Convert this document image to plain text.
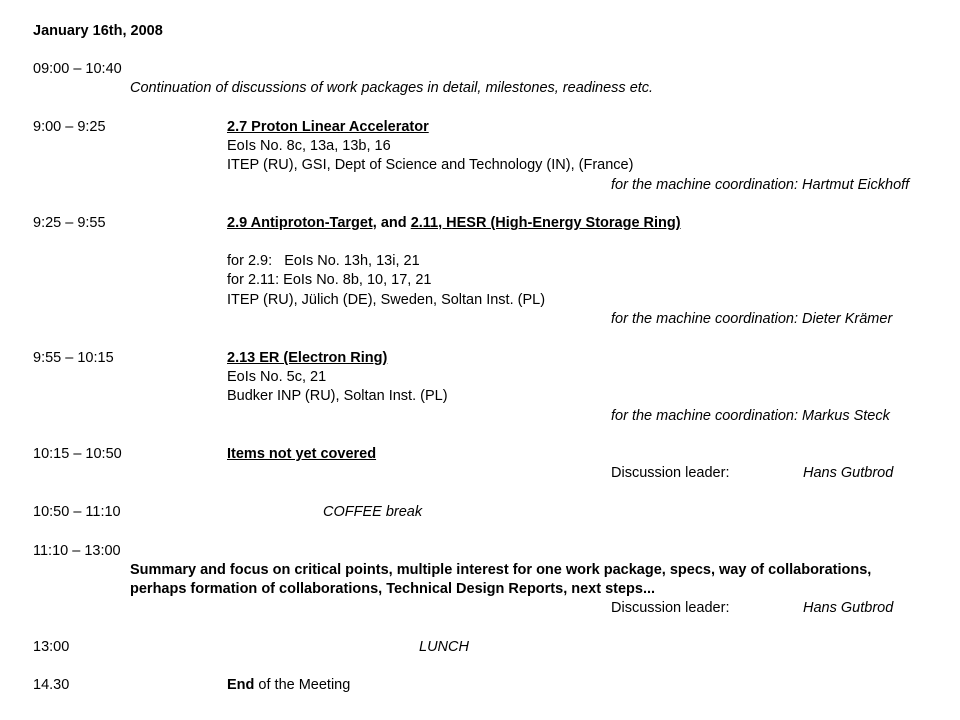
January 16th, 2008
09:00 – 10:40
Continuation of discussions of work packages in detail, milestones, readiness etc.
9:00 – 9:25	2.7 Proton Linear Accelerator
EoIs No. 8c, 13a, 13b, 16
ITEP (RU), GSI, Dept of Science and Technology (IN), (France)
for the machine coordination: Hartmut Eickhoff
9:25 – 9:55	2.9 Antiproton-Target, and 2.11, HESR (High-Energy Storage Ring)
for 2.9:   EoIs No. 13h, 13i, 21
for 2.11: EoIs No. 8b, 10, 17, 21
ITEP (RU), Jülich (DE), Sweden, Soltan Inst. (PL)
for the machine coordination: Dieter Krämer
9:55 – 10:15	2.13 ER (Electron Ring)
EoIs No. 5c, 21
Budker INP (RU), Soltan Inst. (PL)
for the machine coordination: Markus Steck
10:15 – 10:50	Items not yet covered
Discussion leader:	Hans Gutbrod
10:50 – 11:10	COFFEE break
11:10 – 13:00
Summary and focus on critical points, multiple interest for one work package, specs, way of collaborations,
perhaps formation of collaborations, Technical Design Reports, next steps...
Discussion leader:	Hans Gutbrod
13:00	LUNCH
14.30	End of the Meeting
